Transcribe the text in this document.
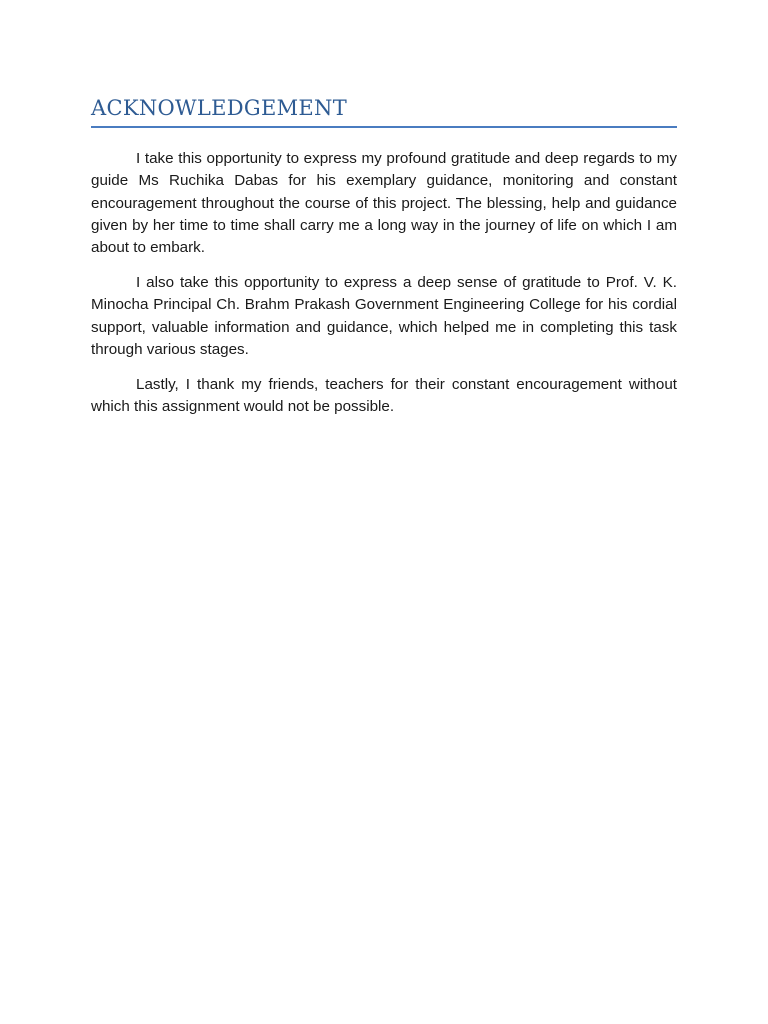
ACKNOWLEDGEMENT

I take this opportunity to express my profound gratitude and deep regards to my guide Ms Ruchika Dabas for his exemplary guidance, monitoring and constant encouragement throughout the course of this project. The blessing, help and guidance given by her time to time shall carry me a long way in the journey of life on which I am about to embark.

I also take this opportunity to express a deep sense of gratitude to Prof. V. K. Minocha Principal Ch. Brahm Prakash Government Engineering College for his cordial support, valuable information and guidance, which helped me in completing this task through various stages.

Lastly, I thank my friends, teachers for their constant encouragement without which this assignment would not be possible.
